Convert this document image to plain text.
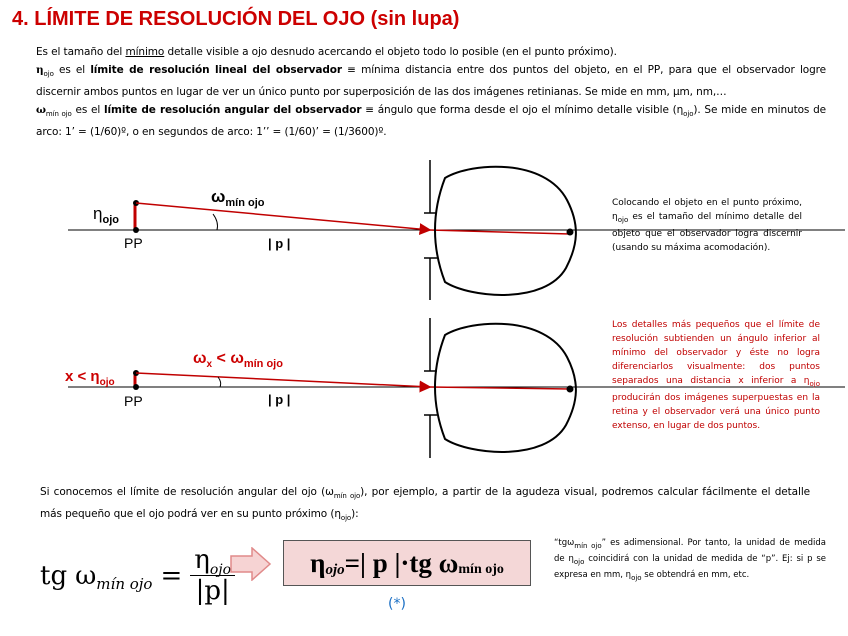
4. LÍMITE DE RESOLUCIÓN DEL OJO (sin lupa)
Es el tamaño del mínimo detalle visible a ojo desnudo acercando el objeto todo lo posible (en el punto próximo).
$\eta_{ojo}$ es el límite de resolución lineal del observador ≡ mínima distancia entre dos puntos del objeto, en el PP, para que el observador logre discernir ambos puntos en lugar de ver un único punto por superposición de las dos imágenes retinianas. Se mide en mm, μm, nm,…
$\omega_{mín ojo}$ es el límite de resolución angular del observador ≡ ángulo que forma desde el ojo el mínimo detalle visible $(\eta_{ojo})$. Se mide en minutos de arco: 1’ = (1/60)º, o en segundos de arco: 1’’ = (1/60)’ = (1/3600)º.
$\eta_{ojo}$
$\omega_{mín ojo}$
PP	| p |
$x < \eta_{ojo}$
$\omega_x < \omega_{mín ojo}$
PP	| p |
Colocando el objeto en el punto próximo, $\eta_{ojo}$ es el tamaño del mínimo detalle del objeto que el observador logra discernir (usando su máxima acomodación).
Los detalles más pequeños que el límite de resolución subtienden un ángulo inferior al mínimo del observador y éste no logra diferenciarlos visualmente: dos puntos separados una distancia x inferior a $\eta_{ojo}$ producirán dos imágenes superpuestas en la retina y el observador verá una único punto extenso, en lugar de dos puntos.
Si conocemos el límite de resolución angular del ojo $(\omega_{mín ojo})$, por ejemplo, a partir de la agudeza visual, podremos calcular fácilmente el detalle más pequeño que el ojo podrá ver en su punto próximo $(\eta_{ojo})$:
tg ω mín ojo =
$\eta_{ojo}$
|p|
η ojo =| p |·tg ω mín ojo
(*)
“tgω$_{mín ojo}$” es adimensional. Por tanto, la unidad de medida de $\eta_{ojo}$ coincidirá con la unidad de medida de “p”. Ej: si p se expresa en mm, $\eta_{ojo}$ se obtendrá en mm, etc.
